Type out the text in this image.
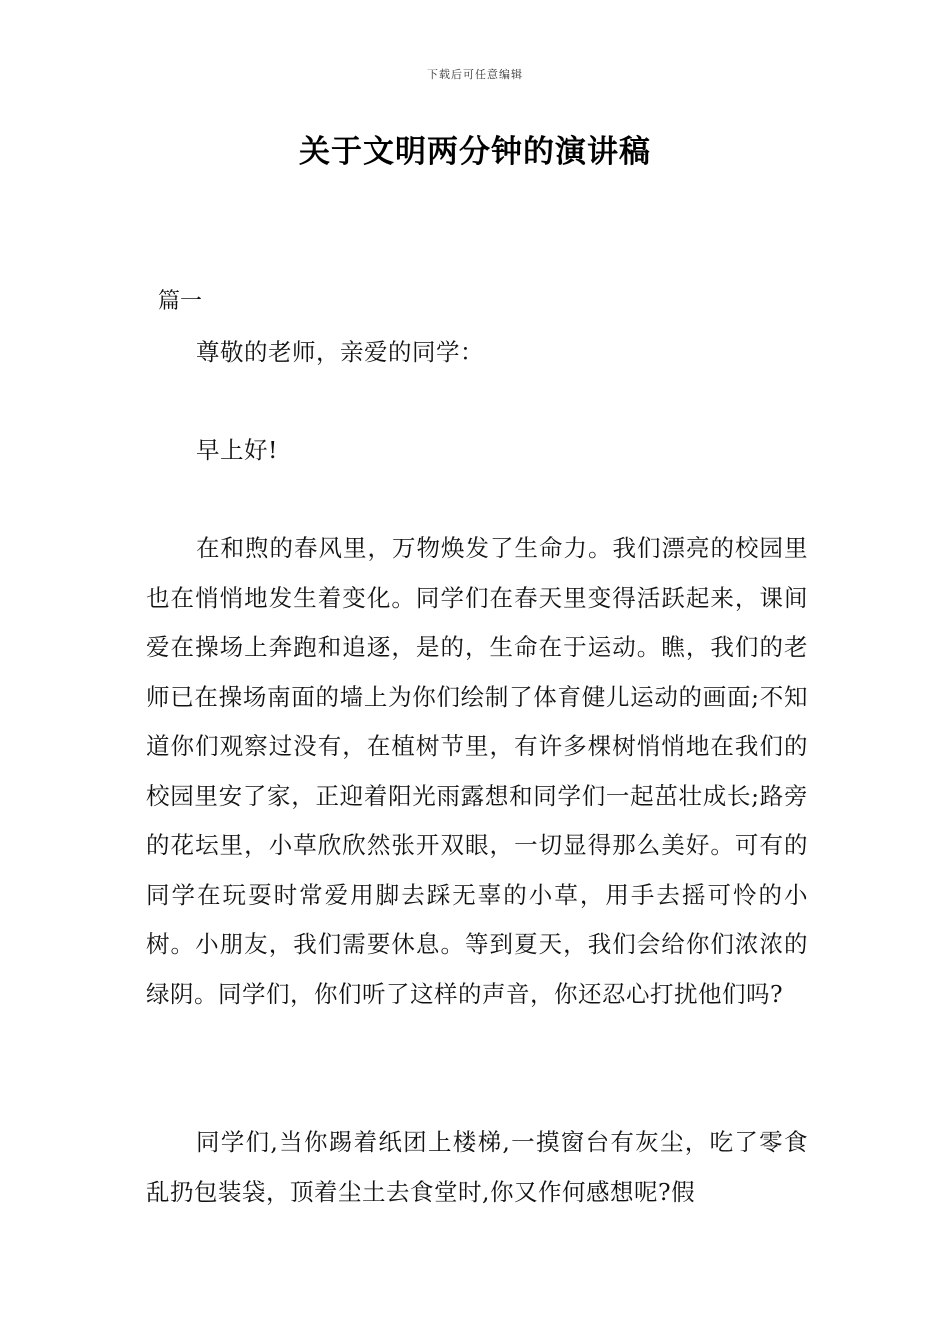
下载后可任意编辑
关于文明两分钟的演讲稿
篇一

尊敬的老师，亲爱的同学：

早上好!

在和煦的春风里，万物焕发了生命力。我们漂亮的校园里也在悄悄地发生着变化。同学们在春天里变得活跃起来，课间爱在操场上奔跑和追逐，是的，生命在于运动。瞧，我们的老师已在操场南面的墙上为你们绘制了体育健儿运动的画面;不知道你们观察过没有，在植树节里，有许多棵树悄悄地在我们的校园里安了家，正迎着阳光雨露想和同学们一起茁壮成长;路旁的花坛里，小草欣欣然张开双眼，一切显得那么美好。可有的同学在玩耍时常爱用脚去踩无辜的小草，用手去摇可怜的小树。小朋友，我们需要休息。等到夏天，我们会给你们浓浓的绿阴。同学们，你们听了这样的声音，你还忍心打扰他们吗?

同学们,当你踢着纸团上楼梯,一摸窗台有灰尘，吃了零食乱扔包装袋，顶着尘土去食堂时,你又作何感想呢?假
